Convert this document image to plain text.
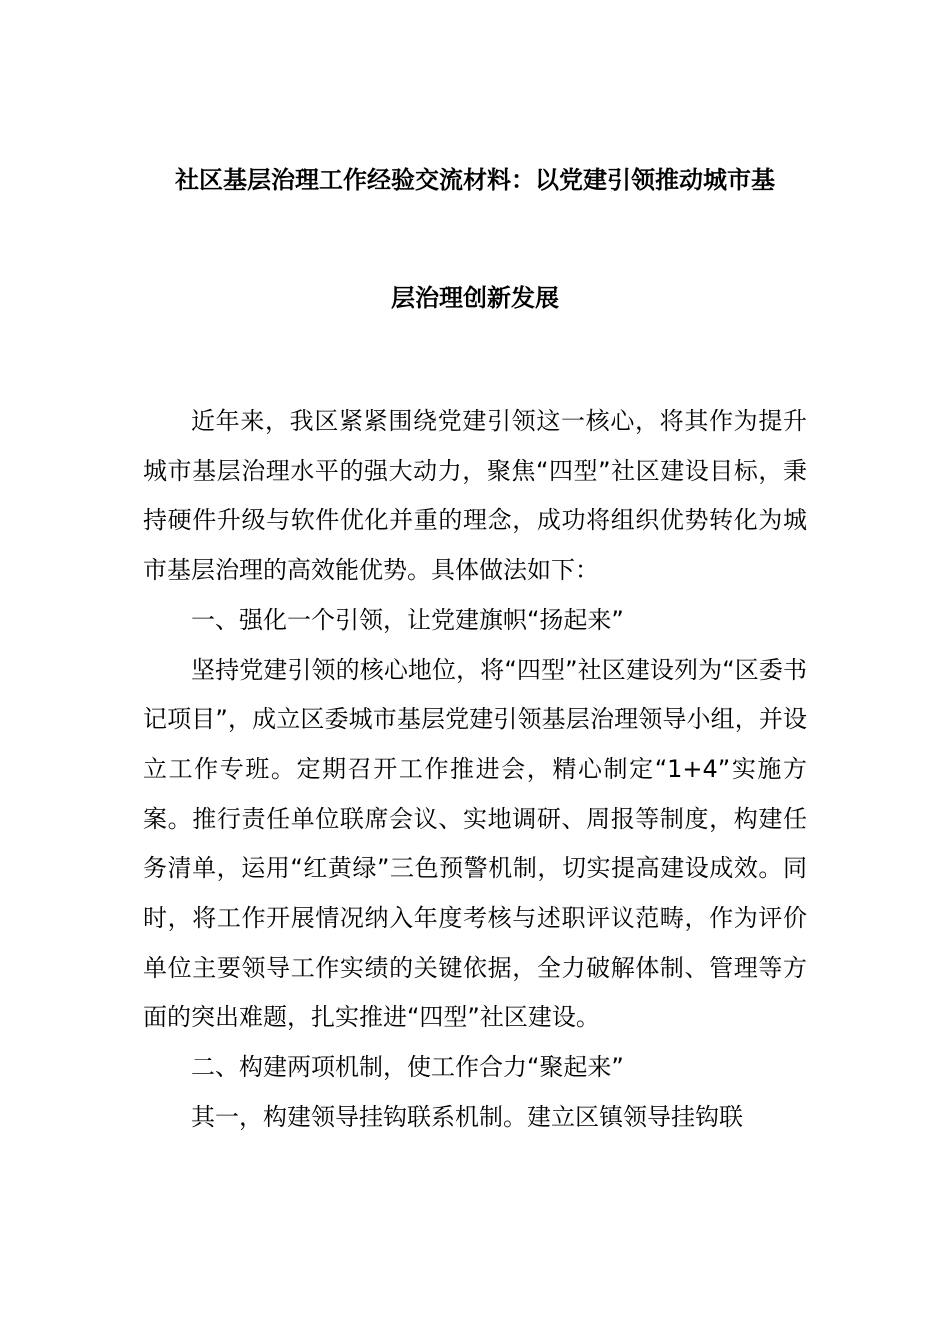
社区基层治理工作经验交流材料：以党建引领推动城市基
层治理创新发展

近年来，我区紧紧围绕党建引领这一核心，将其作为提升城市基层治理水平的强大动力，聚焦“四型”社区建设目标，秉持硬件升级与软件优化并重的理念，成功将组织优势转化为城市基层治理的高效能优势。具体做法如下：

一、强化一个引领，让党建旗帜“扬起来”

坚持党建引领的核心地位，将“四型”社区建设列为“区委书记项目”，成立区委城市基层党建引领基层治理领导小组，并设立工作专班。定期召开工作推进会，精心制定“1+4”实施方案。推行责任单位联席会议、实地调研、周报等制度，构建任务清单，运用“红黄绿”三色预警机制，切实提高建设成效。同时，将工作开展情况纳入年度考核与述职评议范畴，作为评价单位主要领导工作实绩的关键依据，全力破解体制、管理等方面的突出难题，扎实推进“四型”社区建设。

二、构建两项机制，使工作合力“聚起来”

其一，构建领导挂钩联系机制。建立区镇领导挂钩联
